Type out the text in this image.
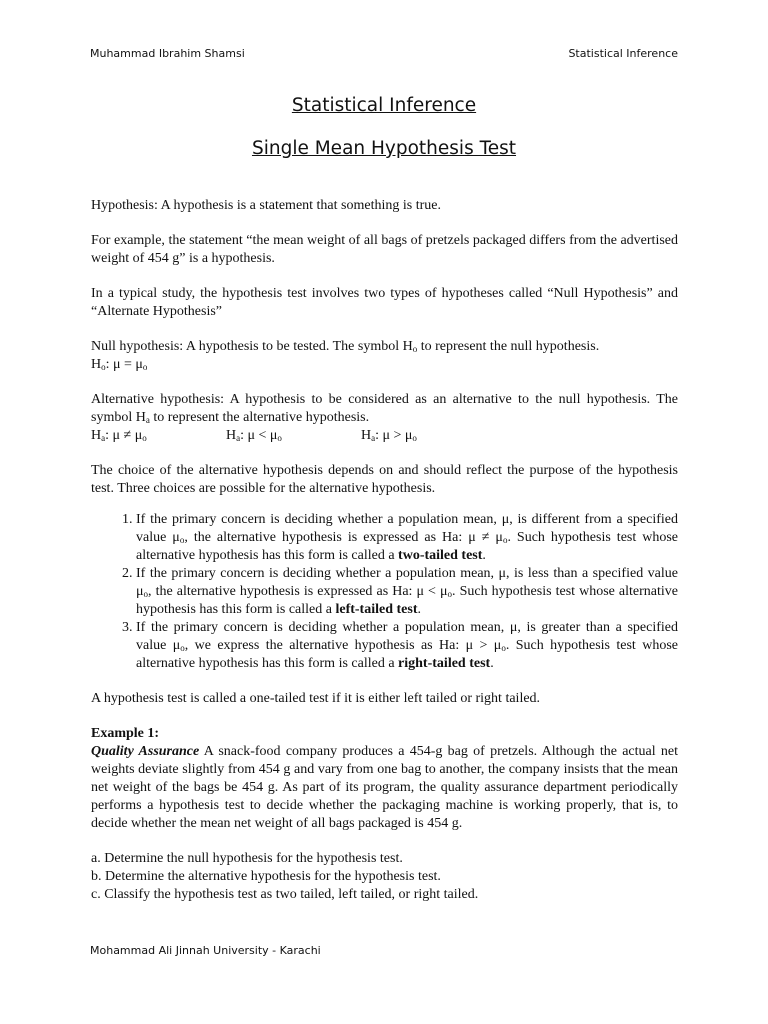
Muhammad Ibrahim Shamsi	Statistical Inference
Statistical Inference
Single Mean Hypothesis Test

Hypothesis: A hypothesis is a statement that something is true.

For example, the statement “the mean weight of all bags of pretzels packaged differs from the advertised weight of 454 g” is a hypothesis.

In a typical study, the hypothesis test involves two types of hypotheses called “Null Hypothesis” and “Alternate Hypothesis”

Null hypothesis: A hypothesis to be tested. The symbol $H_o$ to represent the null hypothesis.

$H_o$: $\mu = \mu_o$

Alternative hypothesis: A hypothesis to be considered as an alternative to the null hypothesis. The symbol $H_a$ to represent the alternative hypothesis.

$H_a$: $\mu \ne \mu_o$	$H_a$: $\mu < \mu_o$	$H_a$: $\mu > \mu_o$

The choice of the alternative hypothesis depends on and should reflect the purpose of the hypothesis test. Three choices are possible for the alternative hypothesis.

1. If the primary concern is deciding whether a population mean, μ, is different from a specified value $\mu_o$, the alternative hypothesis is expressed as Ha: $\mu \ne \mu_o$. Such hypothesis test whose alternative hypothesis has this form is called a two-tailed test.
2. If the primary concern is deciding whether a population mean, μ, is less than a specified value $\mu_o$, the alternative hypothesis is expressed as Ha: $\mu < \mu_o$. Such hypothesis test whose alternative hypothesis has this form is called a left-tailed test.
3. If the primary concern is deciding whether a population mean, μ, is greater than a specified value $\mu_o$, we express the alternative hypothesis as Ha: $\mu > \mu_o$. Such hypothesis test whose alternative hypothesis has this form is called a right-tailed test.

A hypothesis test is called a one-tailed test if it is either left tailed or right tailed.

Example 1:

Quality Assurance A snack-food company produces a 454-g bag of pretzels. Although the actual net weights deviate slightly from 454 g and vary from one bag to another, the company insists that the mean net weight of the bags be 454 g. As part of its program, the quality assurance department periodically performs a hypothesis test to decide whether the packaging machine is working properly, that is, to decide whether the mean net weight of all bags packaged is 454 g.

a. Determine the null hypothesis for the hypothesis test.

b. Determine the alternative hypothesis for the hypothesis test.

c. Classify the hypothesis test as two tailed, left tailed, or right tailed.

Mohammad Ali Jinnah University - Karachi
